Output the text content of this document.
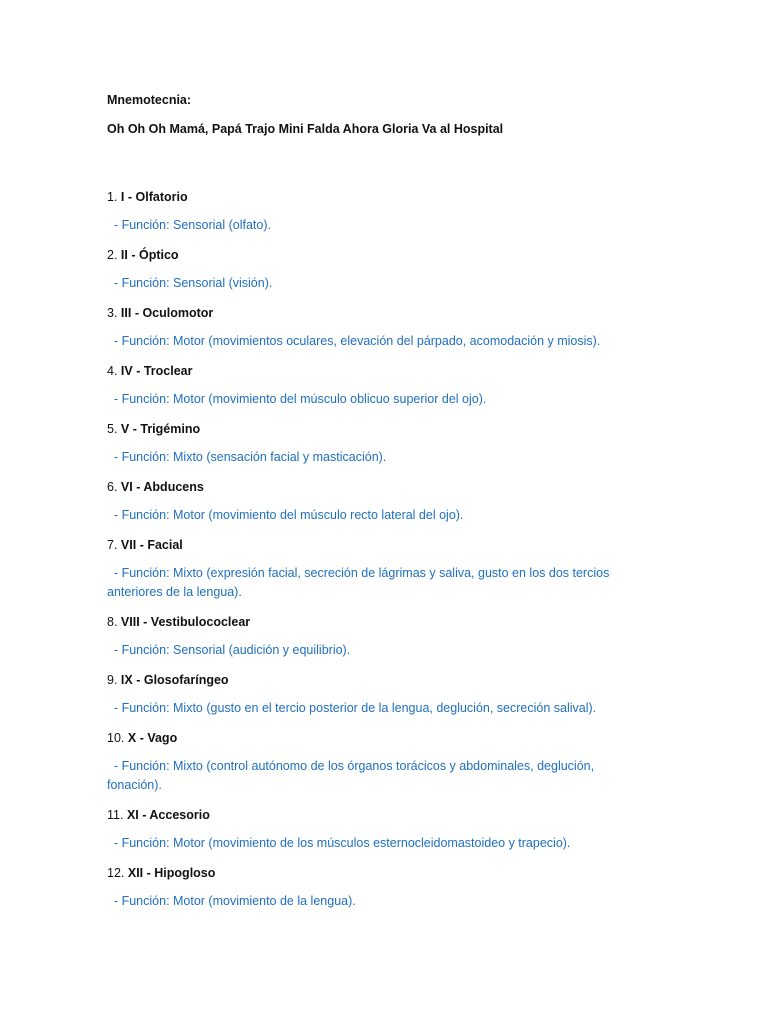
Mnemotecnia:

Oh Oh Oh Mamá, Papá Trajo Mini Falda Ahora Gloria Va al Hospital

1. I - Olfatorio
- Función: Sensorial (olfato).
2. II - Óptico
- Función: Sensorial (visión).
3. III - Oculomotor
- Función: Motor (movimientos oculares, elevación del párpado, acomodación y miosis).
4. IV - Troclear
- Función: Motor (movimiento del músculo oblicuo superior del ojo).
5. V - Trigémino
- Función: Mixto (sensación facial y masticación).
6. VI - Abducens
- Función: Motor (movimiento del músculo recto lateral del ojo).
7. VII - Facial
- Función: Mixto (expresión facial, secreción de lágrimas y saliva, gusto en los dos tercios anteriores de la lengua).
8. VIII - Vestibulococlear
- Función: Sensorial (audición y equilibrio).
9. IX - Glosofaríngeo
- Función: Mixto (gusto en el tercio posterior de la lengua, deglución, secreción salival).
10. X - Vago
- Función: Mixto (control autónomo de los órganos torácicos y abdominales, deglución, fonación).
11. XI - Accesorio
- Función: Motor (movimiento de los músculos esternocleidomastoideo y trapecio).
12. XII - Hipogloso
- Función: Motor (movimiento de la lengua).
